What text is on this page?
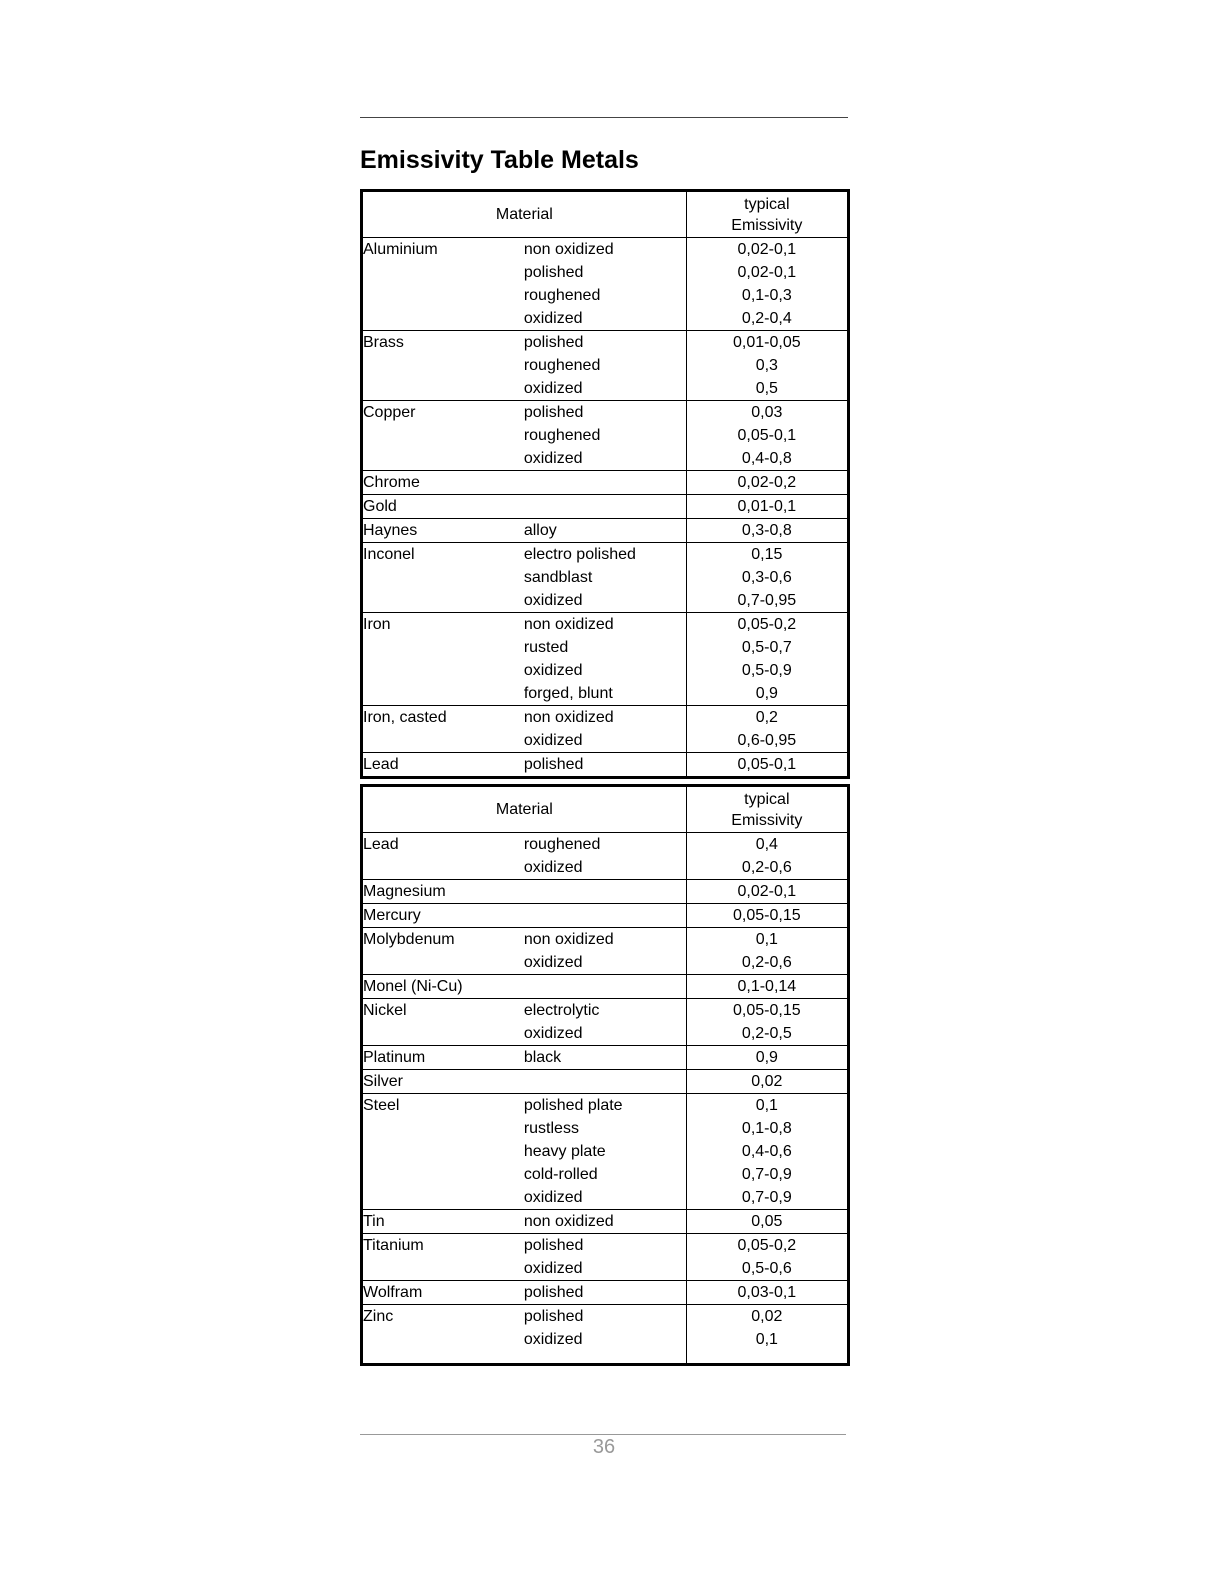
Emissivity Table Metals
Material		typical
Emissivity
Aluminium	non oxidized	0,02-0,1
	polished	0,02-0,1
	roughened	0,1-0,3
	oxidized	0,2-0,4
Brass	polished	0,01-0,05
	roughened	0,3
	oxidized	0,5
Copper	polished	0,03
	roughened	0,05-0,1
	oxidized	0,4-0,8
Chrome		0,02-0,2
Gold		0,01-0,1
Haynes	alloy	0,3-0,8
Inconel	electro polished	0,15
	sandblast	0,3-0,6
	oxidized	0,7-0,95
Iron	non oxidized	0,05-0,2
	rusted	0,5-0,7
	oxidized	0,5-0,9
	forged, blunt	0,9
Iron, casted	non oxidized	0,2
	oxidized	0,6-0,95
Lead	polished	0,05-0,1
Material		typical
Emissivity
Lead	roughened	0,4
	oxidized	0,2-0,6
Magnesium		0,02-0,1
Mercury		0,05-0,15
Molybdenum	non oxidized	0,1
	oxidized	0,2-0,6
Monel (Ni-Cu)		0,1-0,14
Nickel	electrolytic	0,05-0,15
	oxidized	0,2-0,5
Platinum	black	0,9
Silver		0,02
Steel	polished plate	0,1
	rustless	0,1-0,8
	heavy plate	0,4-0,6
	cold-rolled	0,7-0,9
	oxidized	0,7-0,9
Tin	non oxidized	0,05
Titanium	polished	0,05-0,2
	oxidized	0,5-0,6
Wolfram	polished	0,03-0,1
Zinc	polished	0,02
	oxidized	0,1

36
